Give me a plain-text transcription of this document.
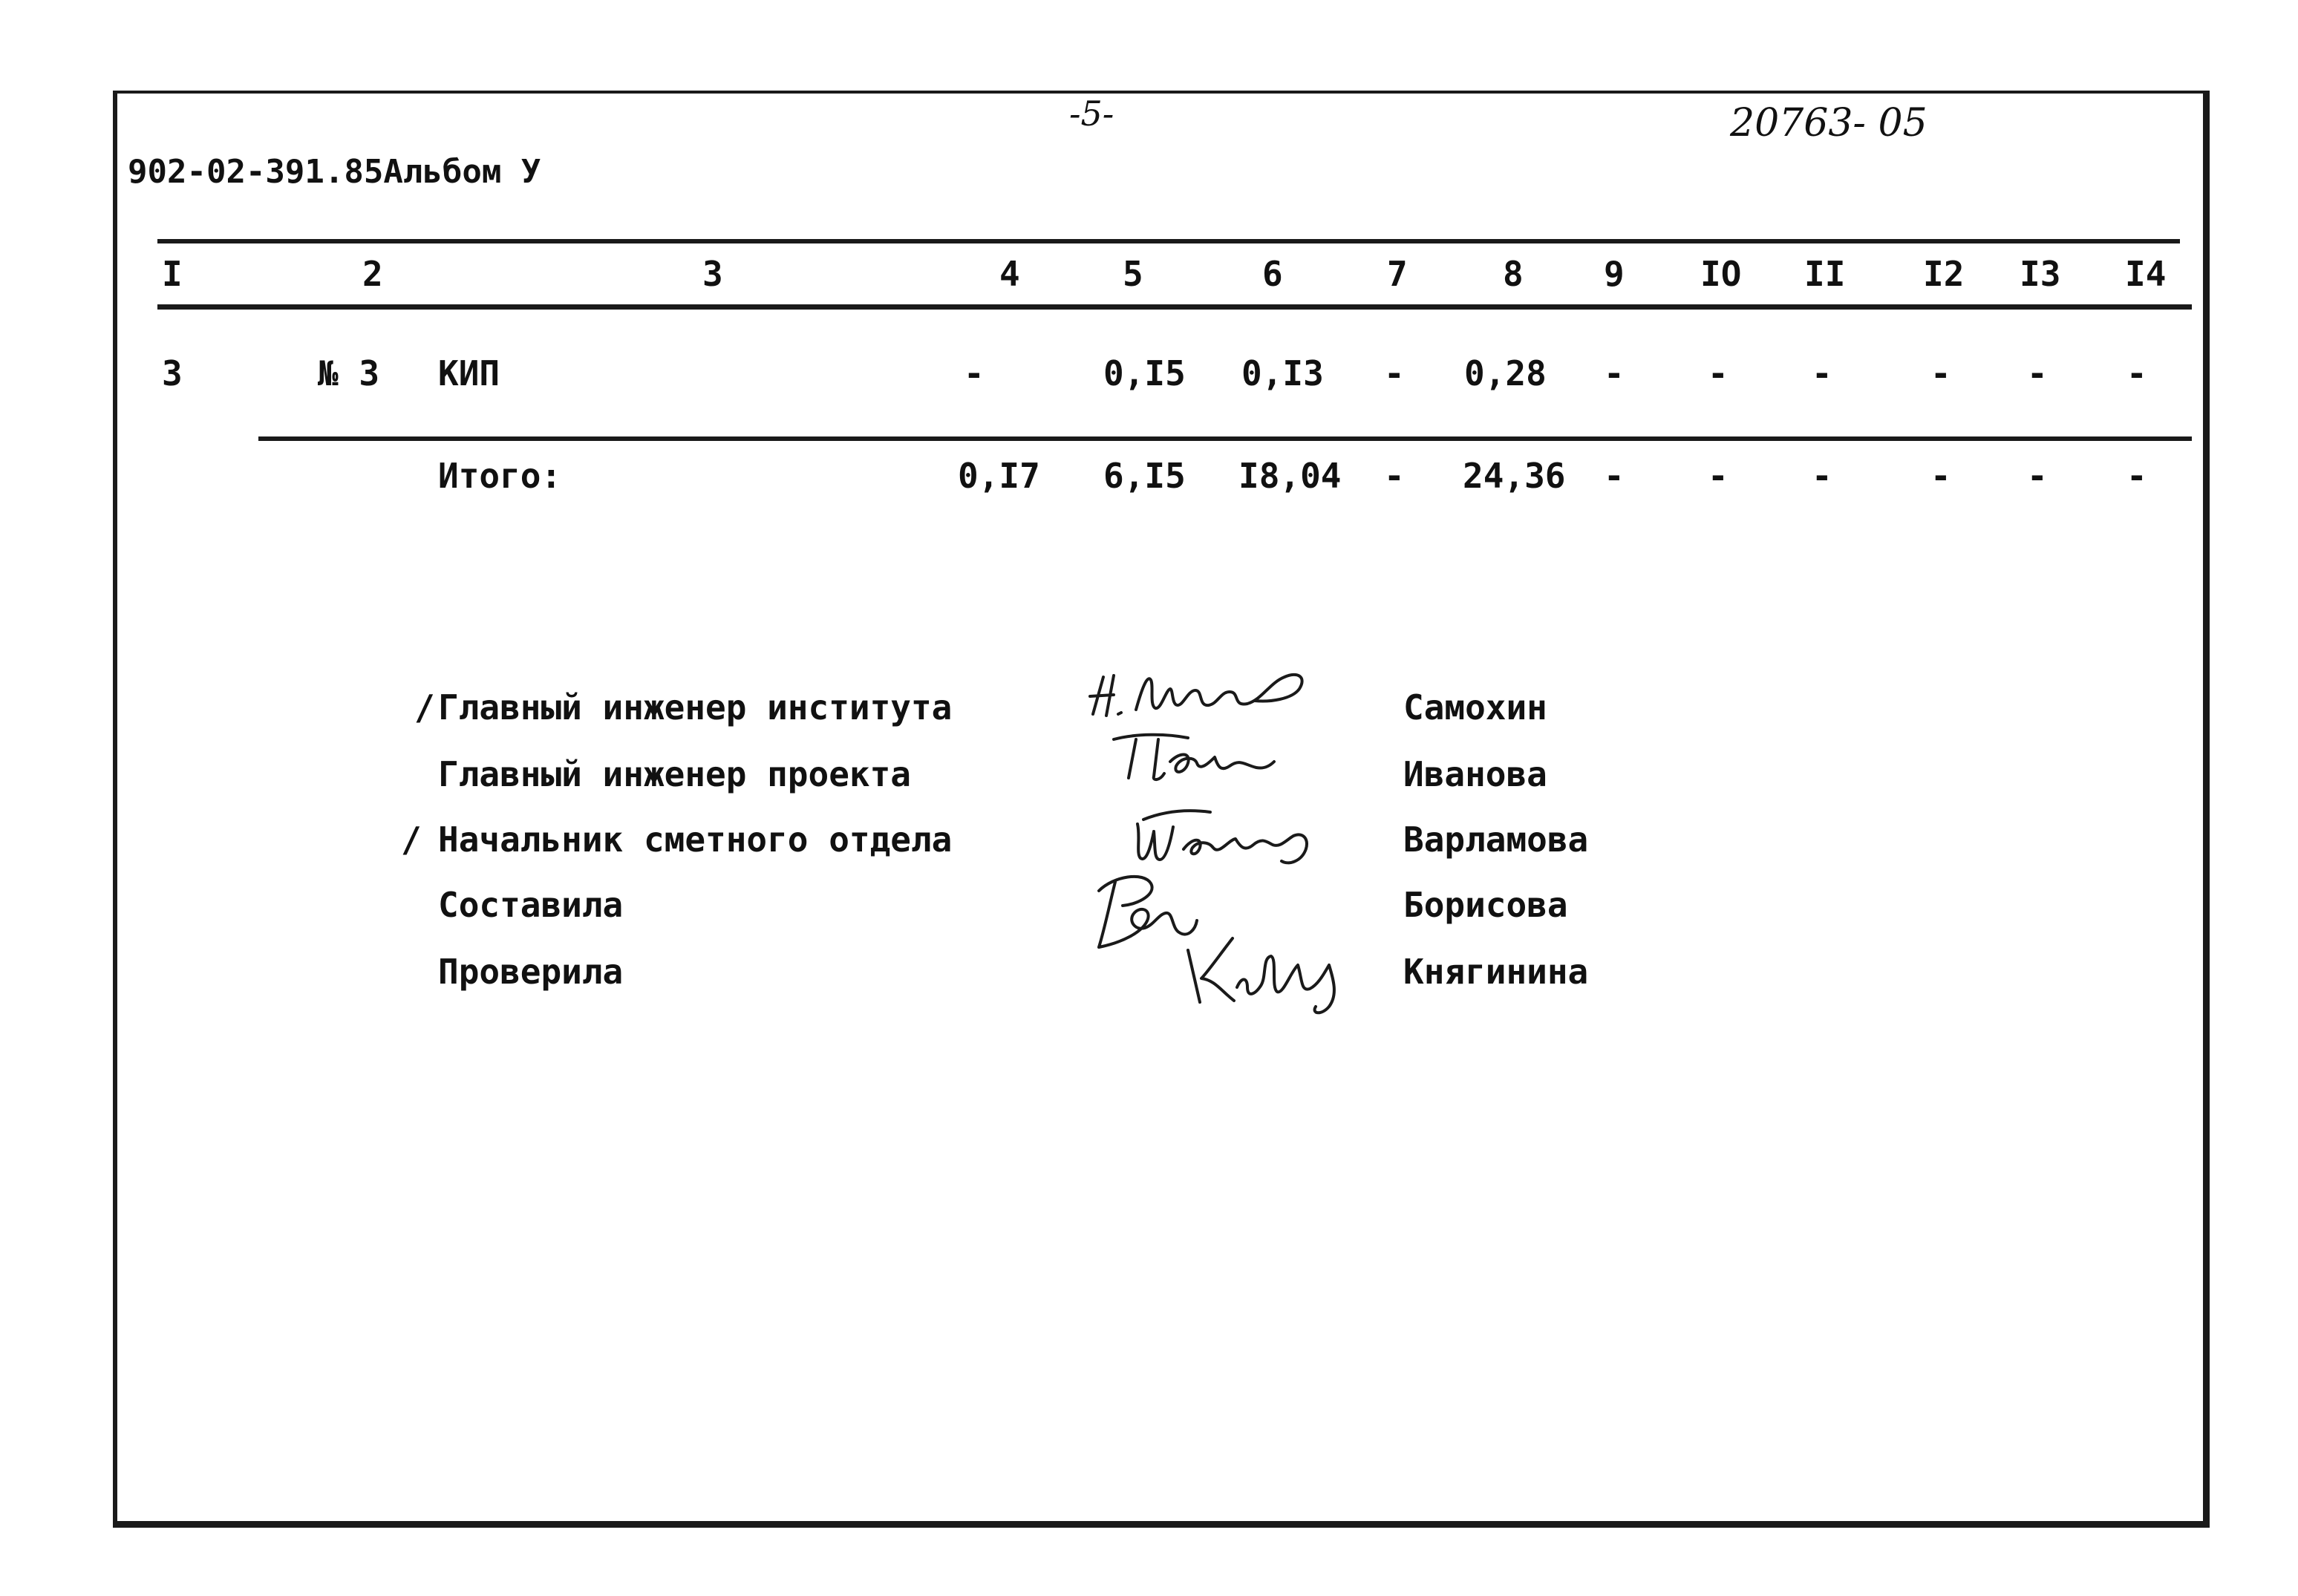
902-02-391.85Альбом У
-5-	20763- 05
I	2	3	4	5	6	7	8 9 IO II I2 I3 I4
3	№ 3 КИП	-	0,I5 0,I3 - 0,28 - - -	- - -
Итого:	0,I7 6,I5 I8,04 - 24,36 - - -	- - -
/ Главный инженер института	Самохин
Главный инженер проекта	Иванова
/ Начальник сметного отдела	Варламова
Составила	Борисова
Проверила	Княгинина
